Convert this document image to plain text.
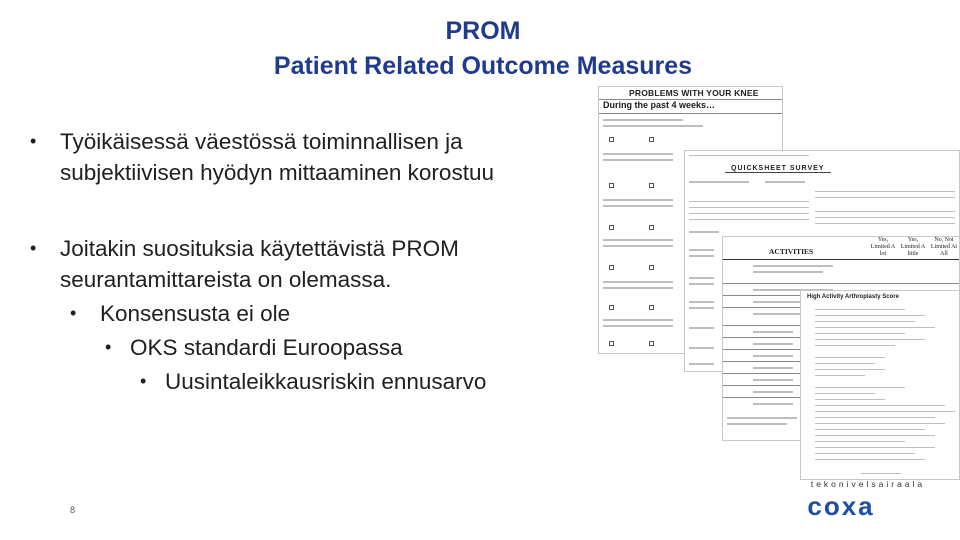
PROM
Patient Related Outcome Measures
• Työikäisessä väestössä toiminnallisen ja
subjektiivisen hyödyn mittaaminen korostuu
• Joitakin suosituksia käytettävistä PROM
seurantamittareista on olemassa.
• Konsensusta ei ole
• OKS standardi Euroopassa
• Uusintaleikkausriskin ennusarvo
PROBLEMS WITH YOUR KNEE
During the past 4 weeks…
QUICKSHEET SURVEY
ACTIVITIES
Yes, Limited A lot
Yes, Limited A little
No, Not Limited At All
High Activity Arthroplasty Score
tekonivelsairaala
coxa
8
